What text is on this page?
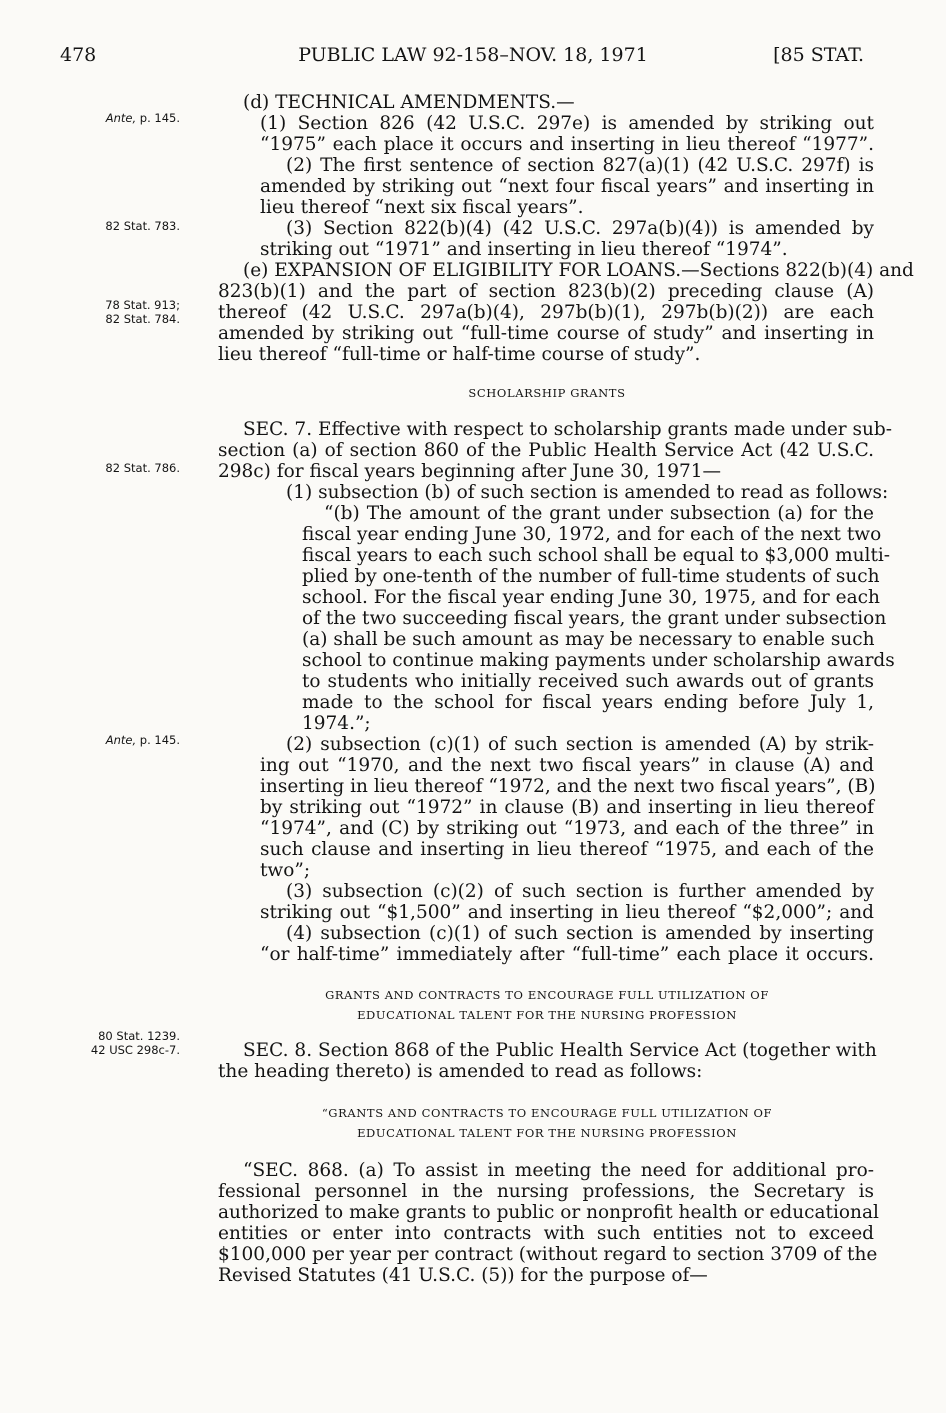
478	PUBLIC LAW 92-158–NOV. 18, 1971	[85 STAT.
Ante, p. 145.
82 Stat. 783.
78 Stat. 913;
82 Stat. 784.
82 Stat. 786.
Ante, p. 145.
80 Stat. 1239.
42 USC 298c-7.
(d) TECHNICAL AMENDMENTS.—
(1) Section 826 (42 U.S.C. 297e) is amended by striking out
“1975” each place it occurs and inserting in lieu thereof “1977”.
(2) The first sentence of section 827(a)(1) (42 U.S.C. 297f) is
amended by striking out “next four fiscal years” and inserting in
lieu thereof “next six fiscal years”.
(3) Section 822(b)(4) (42 U.S.C. 297a(b)(4)) is amended by
striking out “1971” and inserting in lieu thereof “1974”.
(e) EXPANSION OF ELIGIBILITY FOR LOANS.—Sections 822(b)(4) and
823(b)(1) and the part of section 823(b)(2) preceding clause (A)
thereof (42 U.S.C. 297a(b)(4), 297b(b)(1), 297b(b)(2)) are each
amended by striking out “full-time course of study” and inserting in
lieu thereof “full-time or half-time course of study”.
SCHOLARSHIP GRANTS
SEC. 7. Effective with respect to scholarship grants made under sub-
section (a) of section 860 of the Public Health Service Act (42 U.S.C.
298c) for fiscal years beginning after June 30, 1971—
(1) subsection (b) of such section is amended to read as follows:
“(b) The amount of the grant under subsection (a) for the
fiscal year ending June 30, 1972, and for each of the next two
fiscal years to each such school shall be equal to $3,000 multi-
plied by one-tenth of the number of full-time students of such
school. For the fiscal year ending June 30, 1975, and for each
of the two succeeding fiscal years, the grant under subsection
(a) shall be such amount as may be necessary to enable such
school to continue making payments under scholarship awards
to students who initially received such awards out of grants
made to the school for fiscal years ending before July 1,
1974.”;
(2) subsection (c)(1) of such section is amended (A) by strik-
ing out “1970, and the next two fiscal years” in clause (A) and
inserting in lieu thereof “1972, and the next two fiscal years”, (B)
by striking out “1972” in clause (B) and inserting in lieu thereof
“1974”, and (C) by striking out “1973, and each of the three” in
such clause and inserting in lieu thereof “1975, and each of the
two”;
(3) subsection (c)(2) of such section is further amended by
striking out “$1,500” and inserting in lieu thereof “$2,000”; and
(4) subsection (c)(1) of such section is amended by inserting
“or half-time” immediately after “full-time” each place it occurs.
GRANTS AND CONTRACTS TO ENCOURAGE FULL UTILIZATION OF
EDUCATIONAL TALENT FOR THE NURSING PROFESSION
SEC. 8. Section 868 of the Public Health Service Act (together with
the heading thereto) is amended to read as follows:
“GRANTS AND CONTRACTS TO ENCOURAGE FULL UTILIZATION OF
EDUCATIONAL TALENT FOR THE NURSING PROFESSION
“SEC. 868. (a) To assist in meeting the need for additional pro-
fessional personnel in the nursing professions, the Secretary is
authorized to make grants to public or nonprofit health or educational
entities or enter into contracts with such entities not to exceed
$100,000 per year per contract (without regard to section 3709 of the
Revised Statutes (41 U.S.C. (5)) for the purpose of—
